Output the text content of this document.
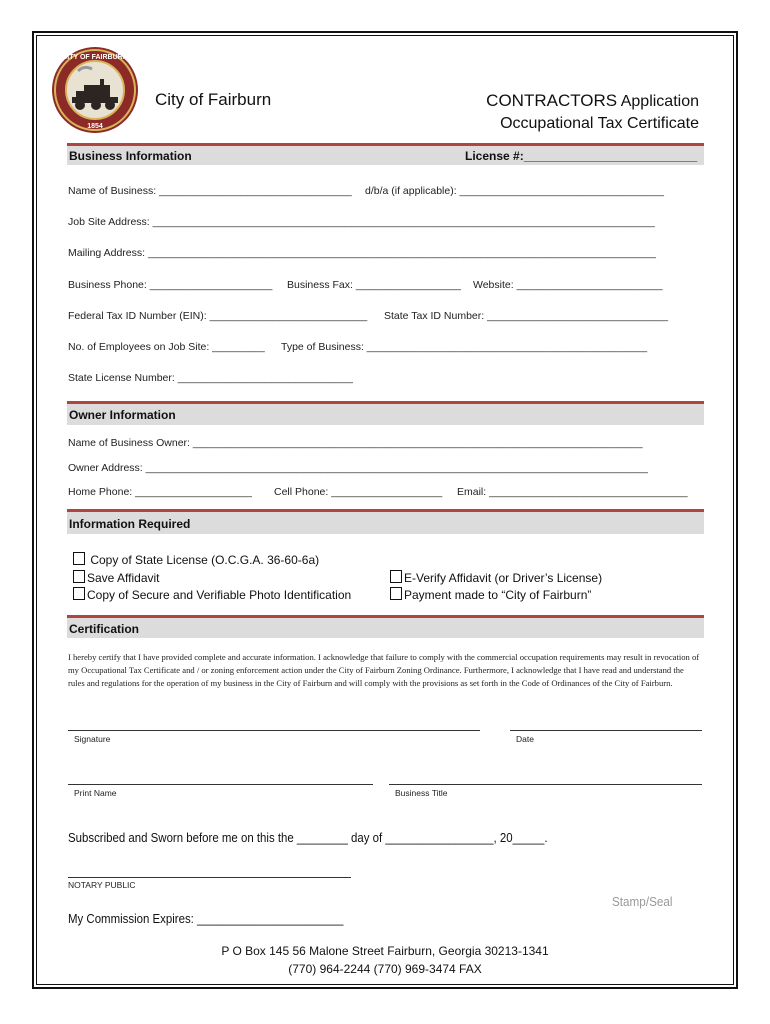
CITY OF FAIRBURN
1854
City of Fairburn	CONTRACTORS Application
Occupational Tax Certificate
Business Information	License #:__________________________
Name of Business: _________________________________ d/b/a (if applicable): ___________________________________
Job Site Address: ______________________________________________________________________________________
Mailing Address: _______________________________________________________________________________________
Business Phone: _____________________ Business Fax: __________________ Website: _________________________
Federal Tax ID Number (EIN): ___________________________ State Tax ID Number: _______________________________
No. of Employees on Job Site: _________ Type of Business: ________________________________________________
State License Number: ______________________________
Owner Information
Name of Business Owner: _____________________________________________________________________________
Owner Address: ______________________________________________________________________________________
Home Phone: ____________________ Cell Phone: ___________________ Email: __________________________________
Information Required
Copy of State License (O.C.G.A. 36-60-6a)
Save Affidavit
Copy of Secure and Verifiable Photo Identification
E-Verify Affidavit (or Driver’s License)
Payment made to “City of Fairburn”
Certification
I hereby certify that I have provided complete and accurate information. I acknowledge that failure to comply with the commercial occupation requirements may result in revocation of my Occupational Tax Certificate and / or zoning enforcement action under the City of Fairburn Zoning Ordinance. Furthermore, I acknowledge that I have read and understand the rules and regulations for the operation of my business in the City of Fairburn and will comply with the provisions as set forth in the Code of Ordinances of the City of Fairburn.
Signature	Date
Print Name	Business Title
Subscribed and Sworn before me on this the ________ day of _________________, 20_____.
NOTARY PUBLIC
Stamp/Seal
My Commission Expires: _______________________
P O Box 145 56 Malone Street Fairburn, Georgia 30213-1341
(770) 964-2244 (770) 969-3474 FAX
